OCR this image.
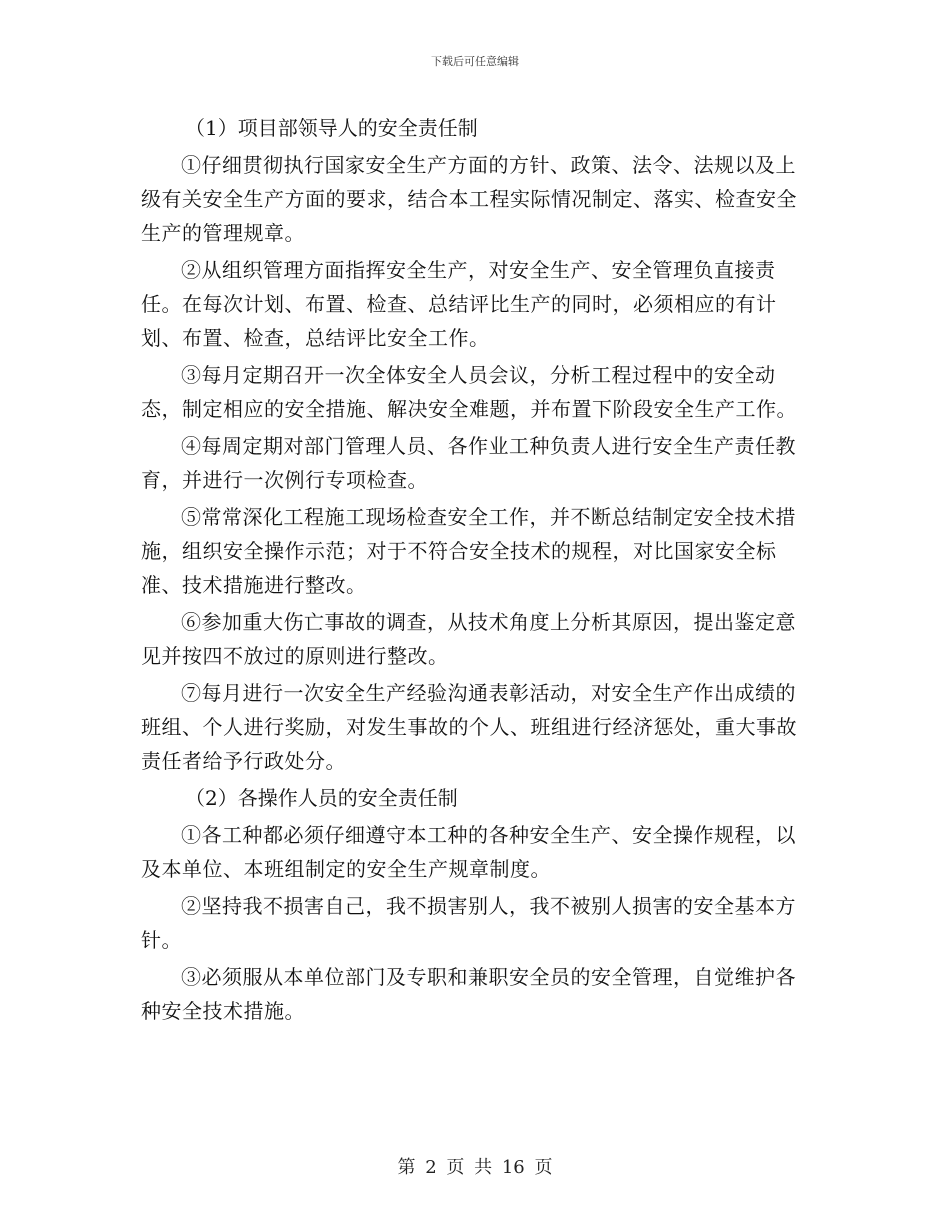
下载后可任意编辑
（1）项目部领导人的安全责任制

①仔细贯彻执行国家安全生产方面的方针、政策、法令、法规以及上级有关安全生产方面的要求，结合本工程实际情况制定、落实、检查安全生产的管理规章。

②从组织管理方面指挥安全生产，对安全生产、安全管理负直接责任。在每次计划、布置、检查、总结评比生产的同时，必须相应的有计划、布置、检查，总结评比安全工作。

③每月定期召开一次全体安全人员会议，分析工程过程中的安全动态，制定相应的安全措施、解决安全难题，并布置下阶段安全生产工作。

④每周定期对部门管理人员、各作业工种负责人进行安全生产责任教育，并进行一次例行专项检查。

⑤常常深化工程施工现场检查安全工作，并不断总结制定安全技术措施，组织安全操作示范；对于不符合安全技术的规程，对比国家安全标准、技术措施进行整改。

⑥参加重大伤亡事故的调查，从技术角度上分析其原因，提出鉴定意见并按四不放过的原则进行整改。

⑦每月进行一次安全生产经验沟通表彰活动，对安全生产作出成绩的班组、个人进行奖励，对发生事故的个人、班组进行经济惩处，重大事故责任者给予行政处分。

（2）各操作人员的安全责任制

①各工种都必须仔细遵守本工种的各种安全生产、安全操作规程，以及本单位、本班组制定的安全生产规章制度。

②坚持我不损害自己，我不损害别人，我不被别人损害的安全基本方针。

③必须服从本单位部门及专职和兼职安全员的安全管理，自觉维护各种安全技术措施。

第 2 页 共 16 页
